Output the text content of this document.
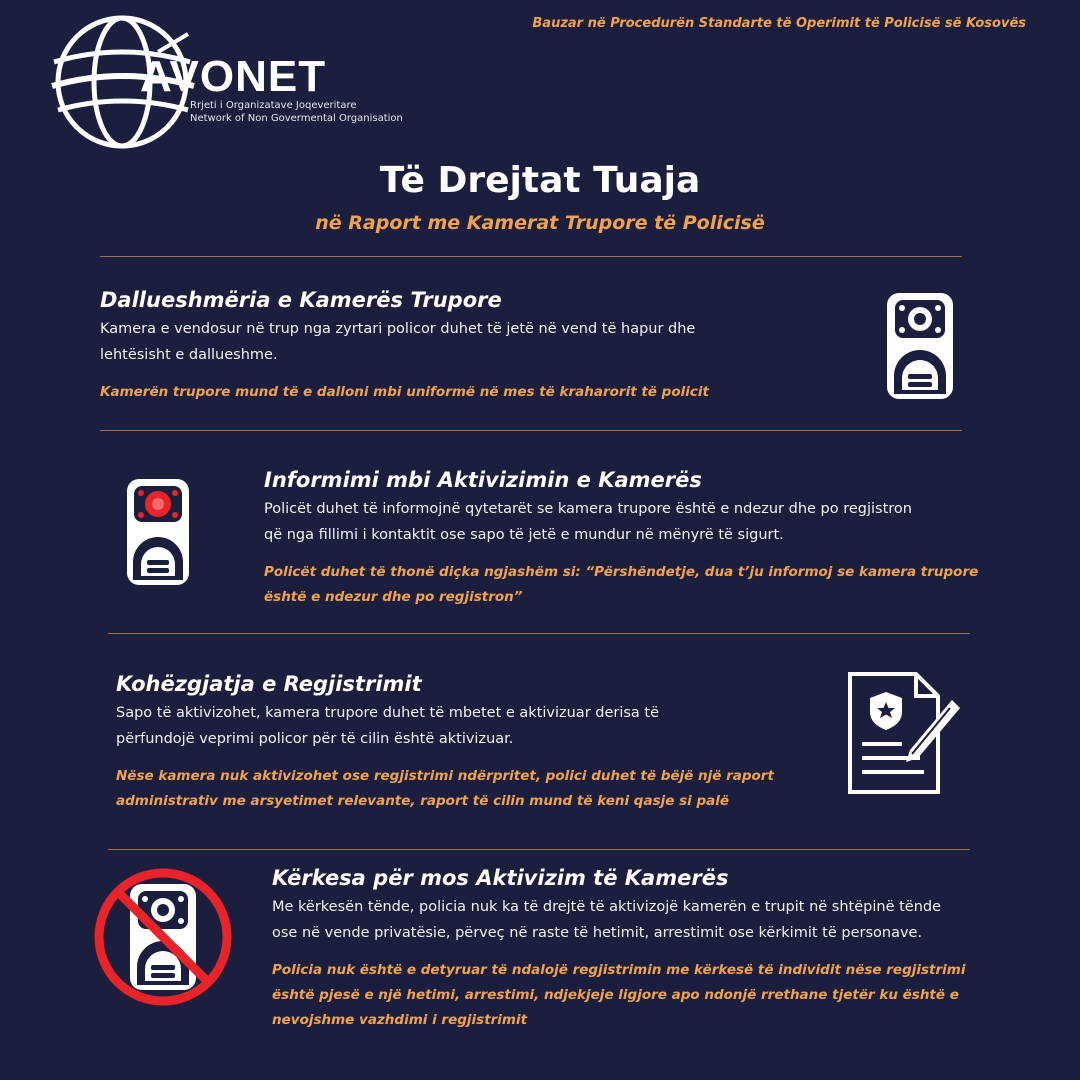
Bauzar në Procedurën Standarte të Operimit të Policisë së Kosovës
AVONET
Rrjeti i Organizatave Joqeveritare
Network of Non Govermental Organisation
Të Drejtat Tuaja
në Raport me Kamerat Trupore të Policisë
Dallueshmëria e Kamerës Trupore
Kamera e vendosur në trup nga zyrtari policor duhet të jetë në vend të hapur dhe
lehtësisht e dallueshme.
Kamerën trupore mund të e dalloni mbi uniformë në mes të kraharorit të policit
Informimi mbi Aktivizimin e Kamerës
Policët duhet të informojnë qytetarët se kamera trupore është e ndezur dhe po regjistron
që nga fillimi i kontaktit ose sapo të jetë e mundur në mënyrë të sigurt.
Policët duhet të thonë diçka ngjashëm si: “Përshëndetje, dua t’ju informoj se kamera trupore
është e ndezur dhe po regjistron”
Kohëzgjatja e Regjistrimit
Sapo të aktivizohet, kamera trupore duhet të mbetet e aktivizuar derisa të
përfundojë veprimi policor për të cilin është aktivizuar.
Nëse kamera nuk aktivizohet ose regjistrimi ndërpritet, polici duhet të bëjë një raport
administrativ me arsyetimet relevante, raport të cilin mund të keni qasje si palë
Kërkesa për mos Aktivizim të Kamerës
Me kërkesën tënde, policia nuk ka të drejtë të aktivizojë kamerën e trupit në shtëpinë tënde
ose në vende privatësie, përveç në raste të hetimit, arrestimit ose kërkimit të personave.
Policia nuk është e detyruar të ndalojë regjistrimin me kërkesë të individit nëse regjistrimi
është pjesë e një hetimi, arrestimi, ndjekjeje ligjore apo ndonjë rrethane tjetër ku është e
nevojshme vazhdimi i regjistrimit
